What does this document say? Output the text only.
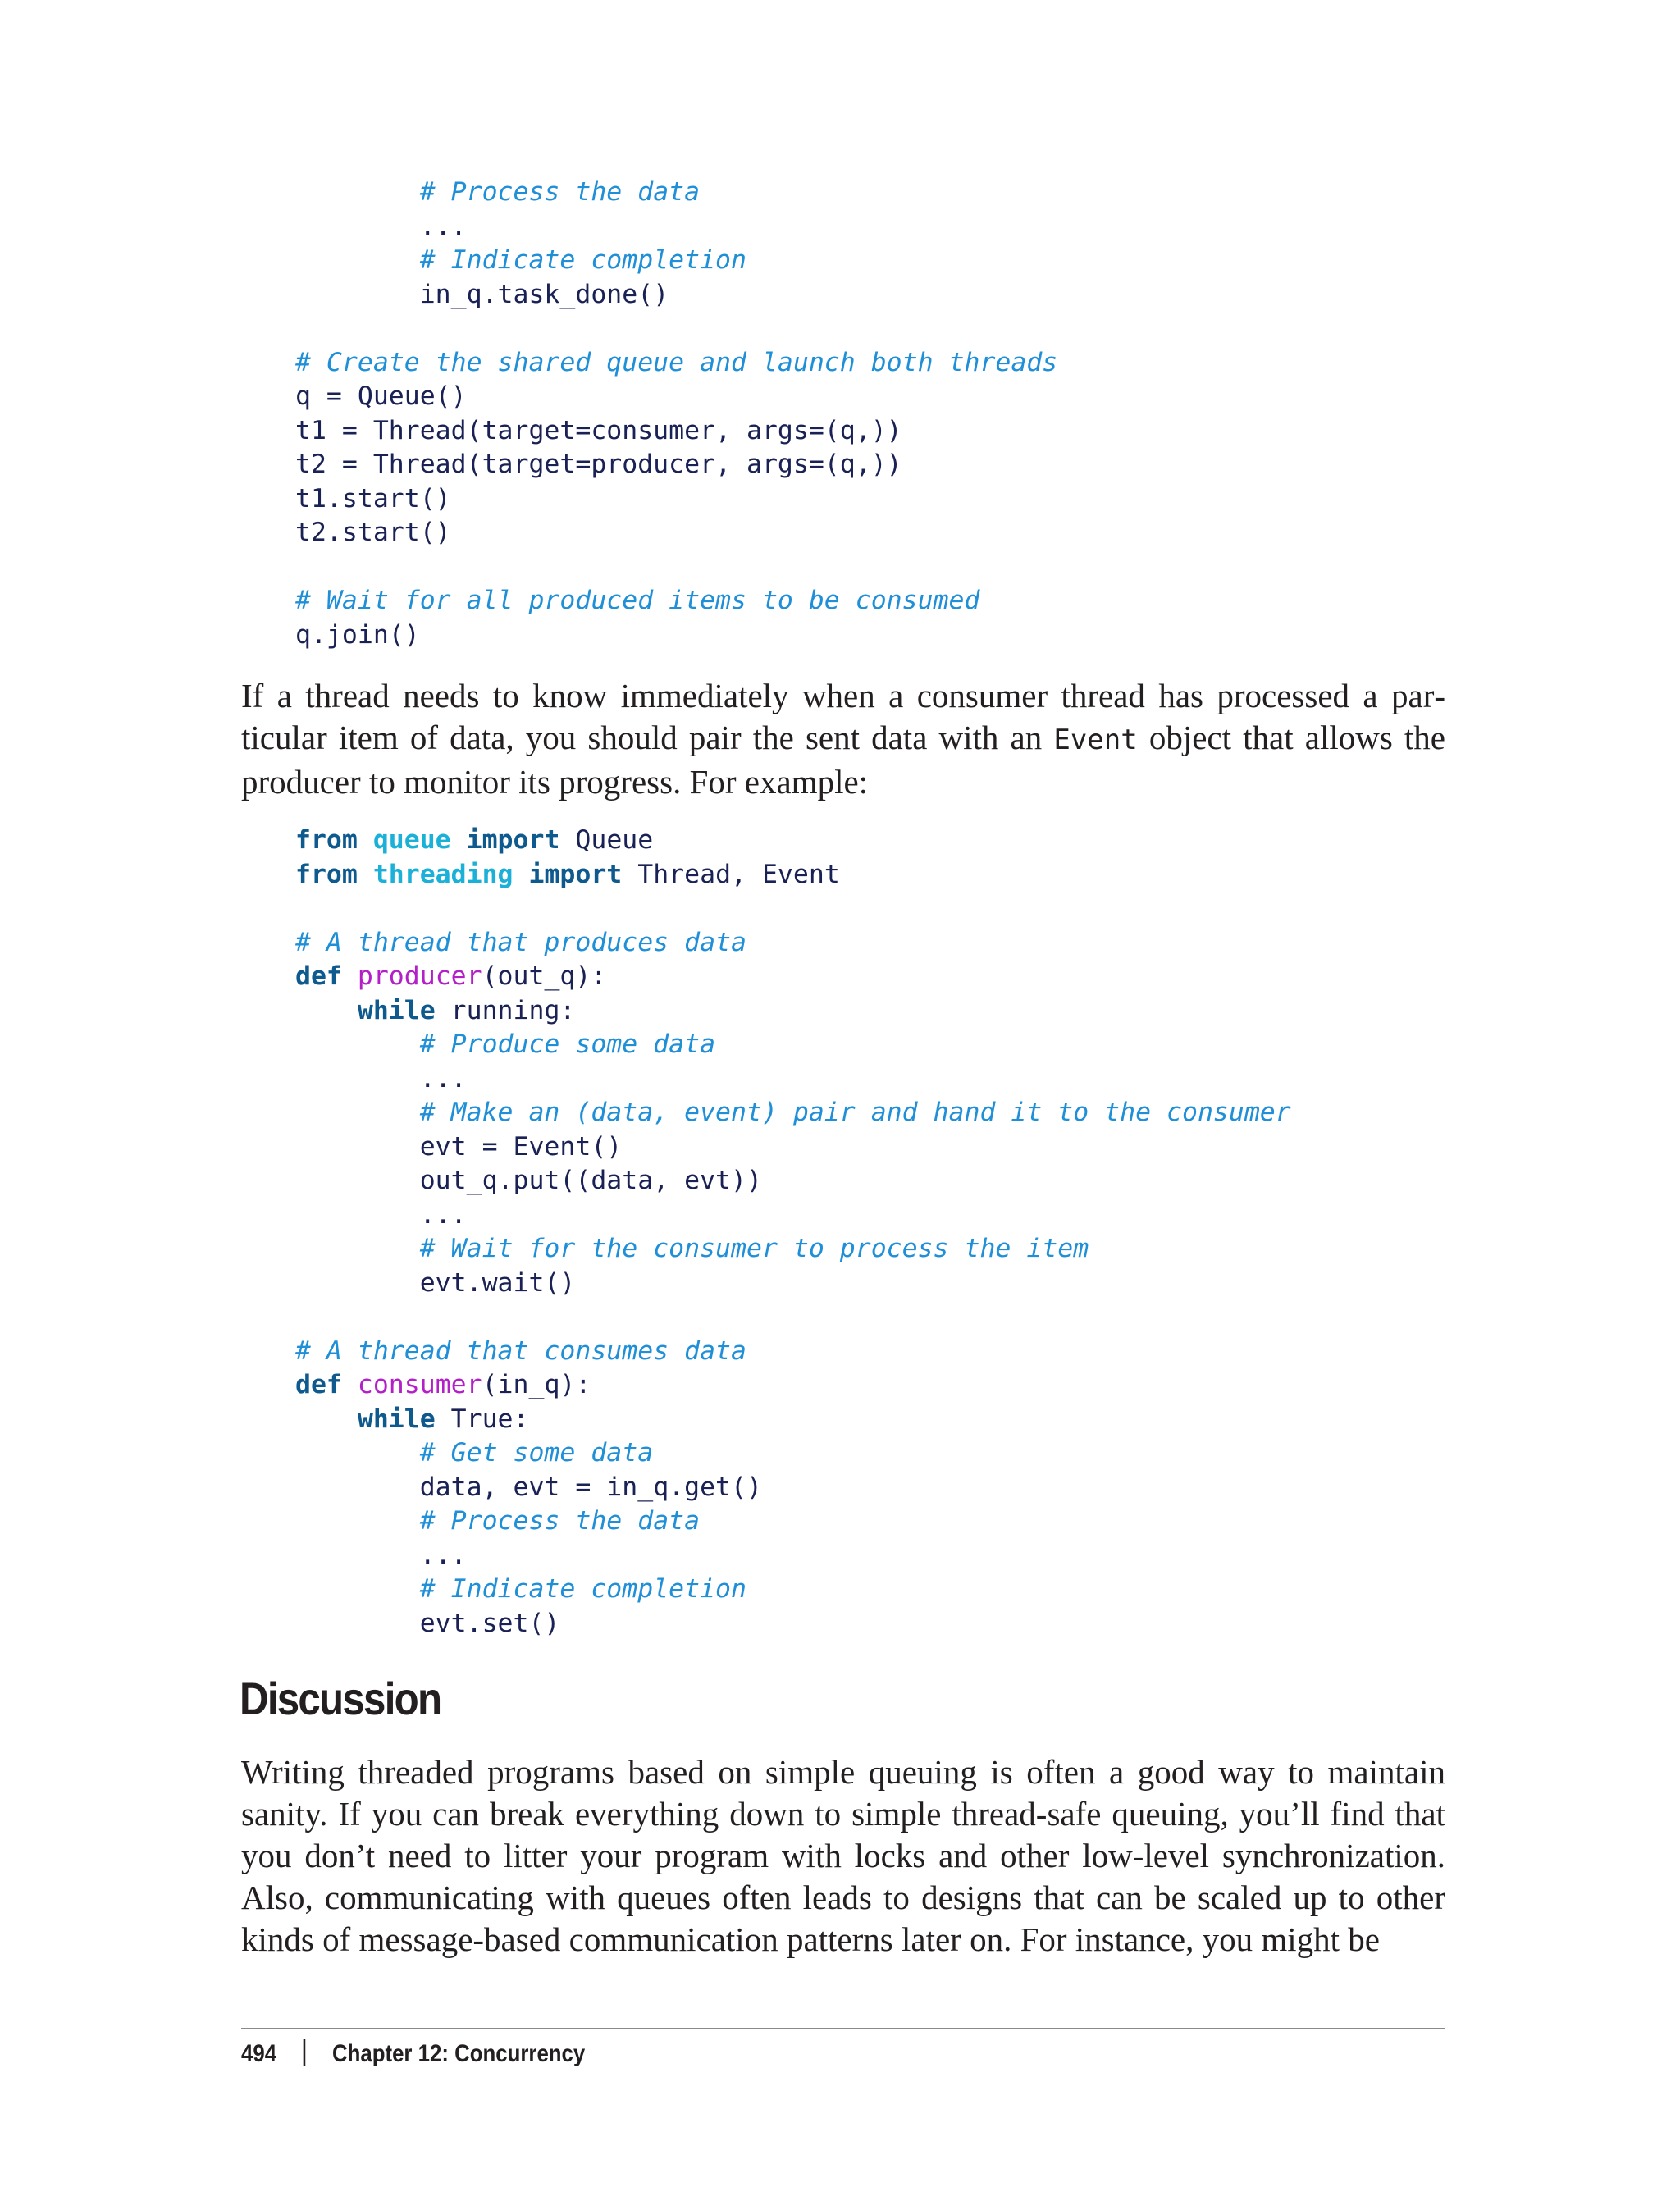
# Process the data
...
# Indicate completion
in_q.task_done()
# Create the shared queue and launch both threads
q = Queue()
t1 = Thread(target=consumer, args=(q,))
t2 = Thread(target=producer, args=(q,))
t1.start()
t2.start()
# Wait for all produced items to be consumed
q.join()

If a thread needs to know immediately when a consumer thread has processed a particular item of data, you should pair the sent data with an Event object that allows the producer to monitor its progress. For example:

from queue import Queue
from threading import Thread, Event
# A thread that produces data
def producer(out_q):
while running:
# Produce some data
...
# Make an (data, event) pair and hand it to the consumer
evt = Event()
out_q.put((data, evt))
...
# Wait for the consumer to process the item
evt.wait()
# A thread that consumes data
def consumer(in_q):
while True:
# Get some data
data, evt = in_q.get()
# Process the data
...
# Indicate completion
evt.set()
Discussion

Writing threaded programs based on simple queuing is often a good way to maintain sanity. If you can break everything down to simple thread-safe queuing, you’ll find that you don’t need to litter your program with locks and other low-level synchronization. Also, communicating with queues often leads to designs that can be scaled up to other kinds of message-based communication patterns later on. For instance, you might be

494 Chapter 12: Concurrency
